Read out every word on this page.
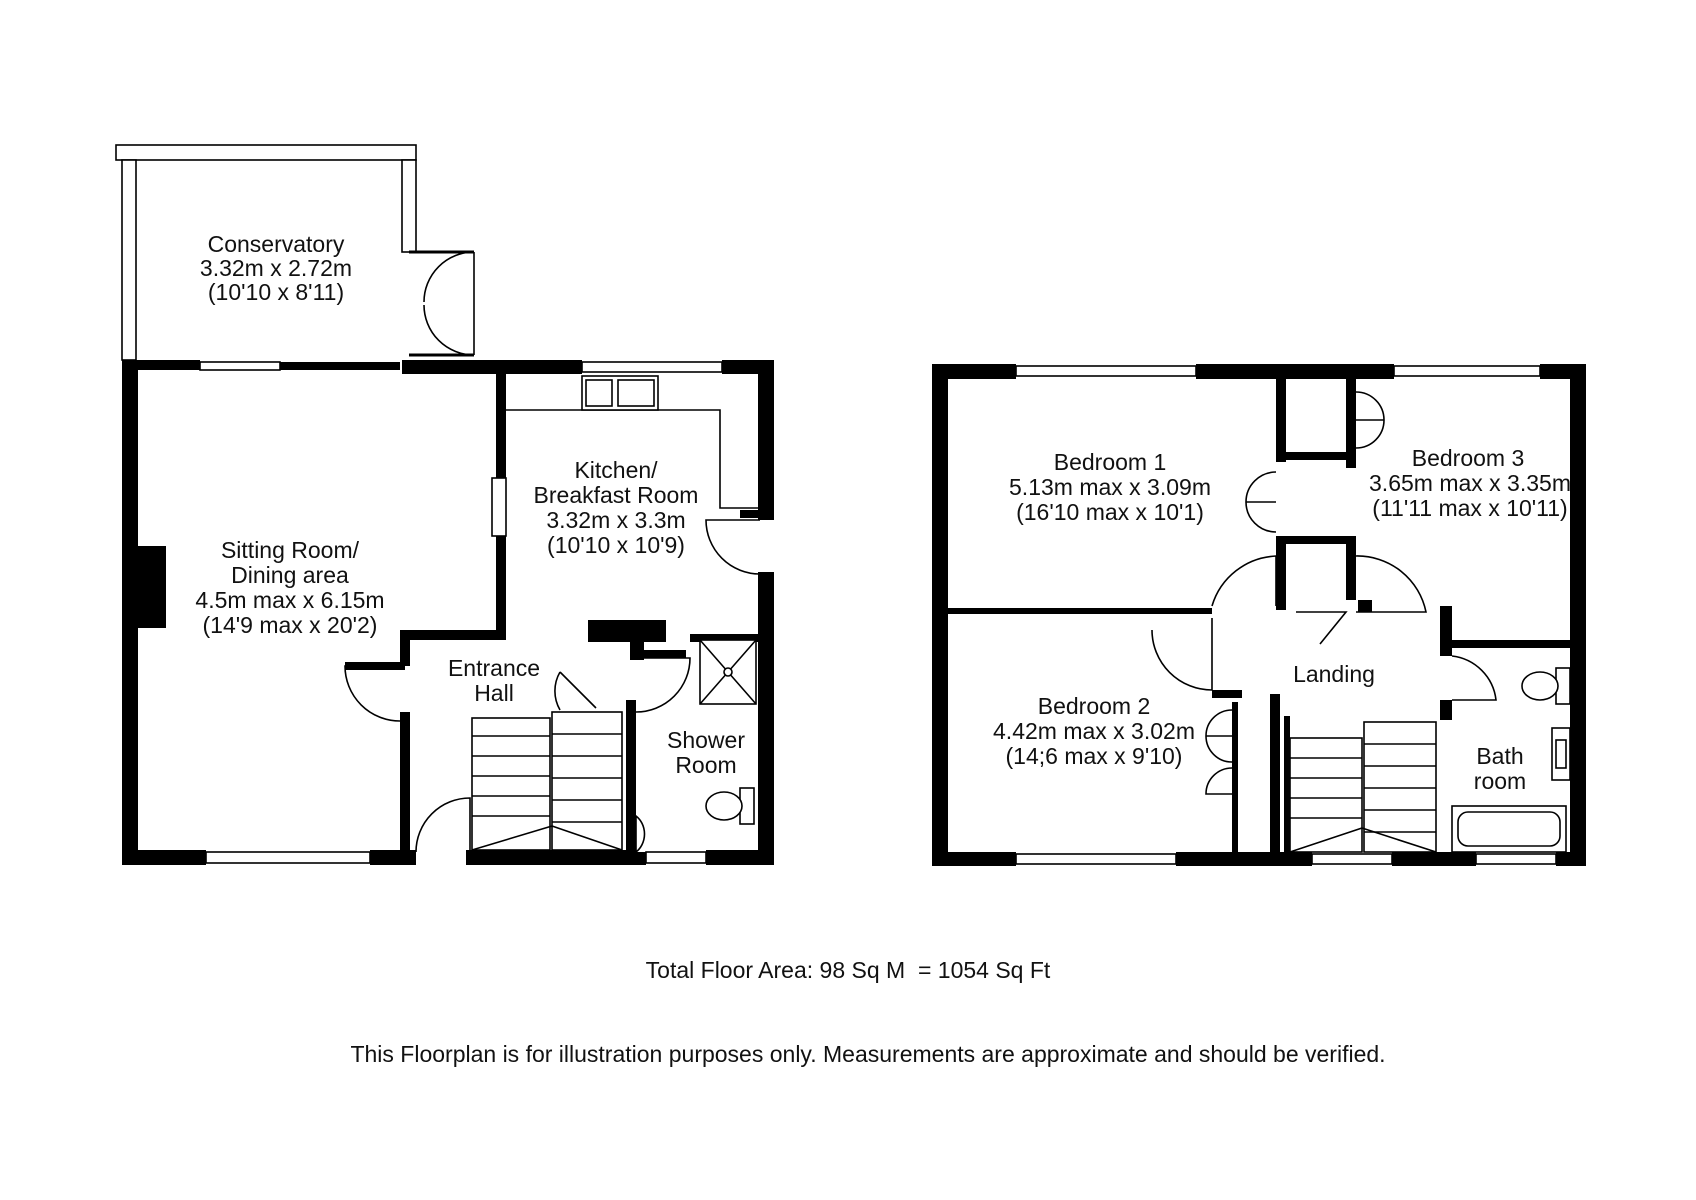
Conservatory
3.32m x 2.72m
(10'10 x 8'11)
Sitting Room/
Dining area
4.5m max x 6.15m
(14'9 max x 20'2)
Kitchen/
Breakfast Room
3.32m x 3.3m
(10'10 x 10'9)
Entrance
Hall
Shower
Room
Bedroom 1
5.13m max x 3.09m
(16'10 max x 10'1)
Bedroom 2
4.42m max x 3.02m
(14;6 max x 9'10)
Bedroom 3
3.65m max x 3.35m
(11'11 max x 10'11)
Landing
Bath
room
Total Floor Area: 98 Sq M  = 1054 Sq Ft
This Floorplan is for illustration purposes only. Measurements are approximate and should be verified.
